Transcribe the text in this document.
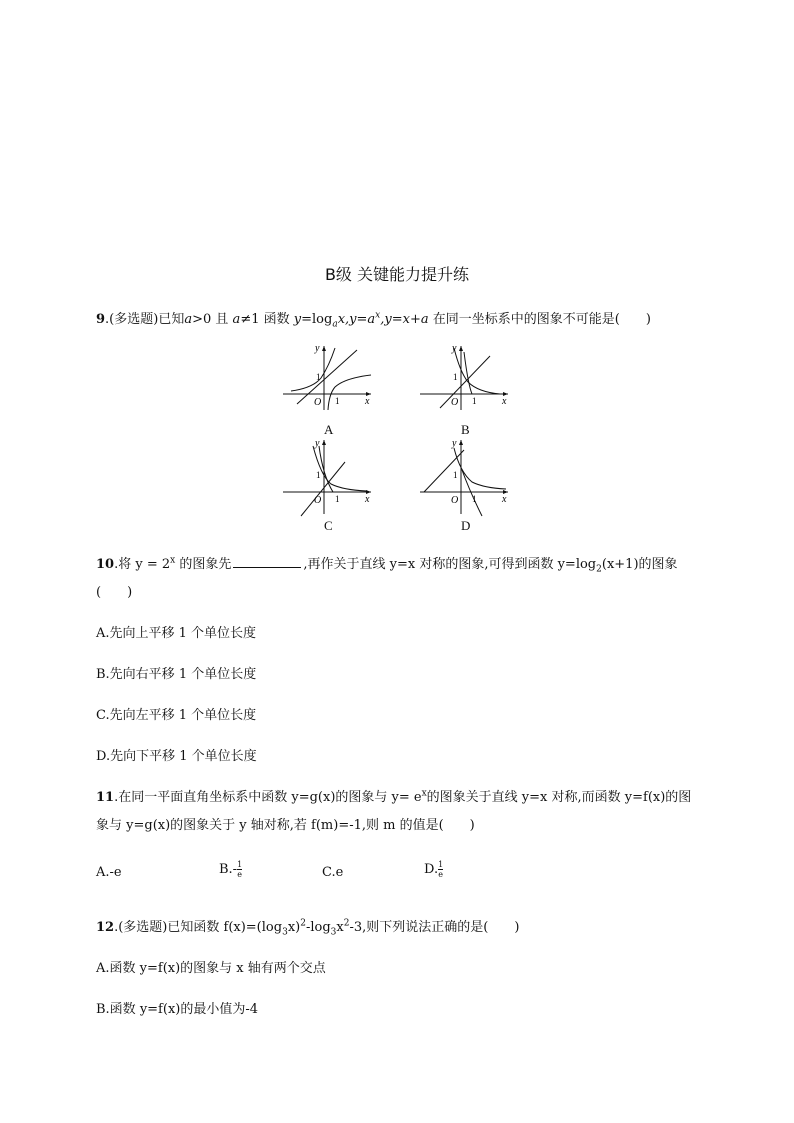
B级 关键能力提升练
9.(多选题)已知a>0 且 a≠1 函数 $y=\log_ax,y=a^x,y=x+a$ 在同一坐标系中的图象不可能是(　　)
y
x
O 1
1
A
y
x
O 1
1
B
y
x
O 1
1
C
y
x
O 1
1
D
10.将 $y = 2^x$ 的图象先	,再作关于直线 y=x 对称的图象,可得到函数 $y=\log_2(x+1)$的图象
(　　)
A.先向上平移 1 个单位长度
B.先向右平移 1 个单位长度
C.先向左平移 1 个单位长度
D.先向下平移 1 个单位长度
11.在同一平面直角坐标系中函数 y=g(x)的图象与 $y= e^x$的图象关于直线 y=x 对称,而函数 y=f(x)的图
象与 y=g(x)的图象关于 y 轴对称,若 f(m)=-1,则 m 的值是(　　)
A.-e	$B.- \frac{1}{e}$	C.e	D. $\frac{1}{e}$
12.(多选题)已知函数 $f(x)=(\log_3x)^2-\log_3x^2-3$,则下列说法正确的是(　　)
A.函数 y=f(x)的图象与 x 轴有两个交点
B.函数 y=f(x)的最小值为-4
